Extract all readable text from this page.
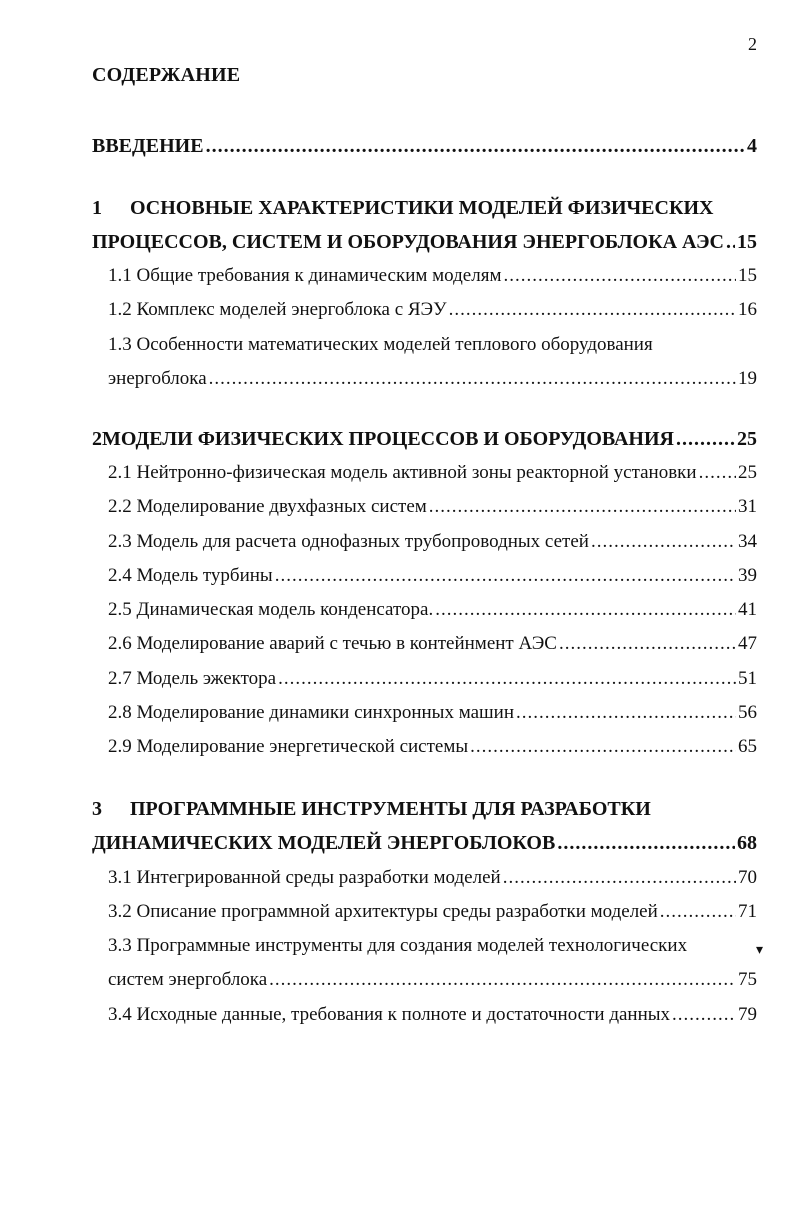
2
СОДЕРЖАНИЕ
ВВЕДЕНИЕ .....	4
1	ОСНОВНЫЕ ХАРАКТЕРИСТИКИ МОДЕЛЕЙ ФИЗИЧЕСКИХ
ПРОЦЕССОВ, СИСТЕМ И ОБОРУДОВАНИЯ ЭНЕРГОБЛОКА АЭС ..... 15
1.1 Общие требования к динамическим моделям .....	15
1.2 Комплекс моделей энергоблока с ЯЭУ .....	16
1.3 Особенности математических моделей теплового оборудования
энергоблока .....	19
2 МОДЕЛИ ФИЗИЧЕСКИХ ПРОЦЕССОВ И ОБОРУДОВАНИЯ .....	25
2.1 Нейтронно-физическая модель активной зоны реакторной установки ..... 25
2.2 Моделирование двухфазных систем .....	31
2.3 Модель для расчета однофазных трубопроводных сетей .....	34
2.4 Модель турбины .....	39
2.5 Динамическая модель конденсатора. .....	41
2.6 Моделирование аварий с течью в контейнмент АЭС .....	47
2.7 Модель эжектора .....	51
2.8 Моделирование динамики синхронных машин .....	56
2.9 Моделирование энергетической системы .....	65
3	ПРОГРАММНЫЕ ИНСТРУМЕНТЫ ДЛЯ РАЗРАБОТКИ
ДИНАМИЧЕСКИХ МОДЕЛЕЙ ЭНЕРГОБЛОКОВ .....	68
3.1 Интегрированной среды разработки моделей .....	70
3.2 Описание программной архитектуры среды разработки моделей .....	71
3.3 Программные инструменты для создания моделей технологических	▾
систем энергоблока .....	75
3.4 Исходные данные, требования к полноте и достаточности данных .....	79
